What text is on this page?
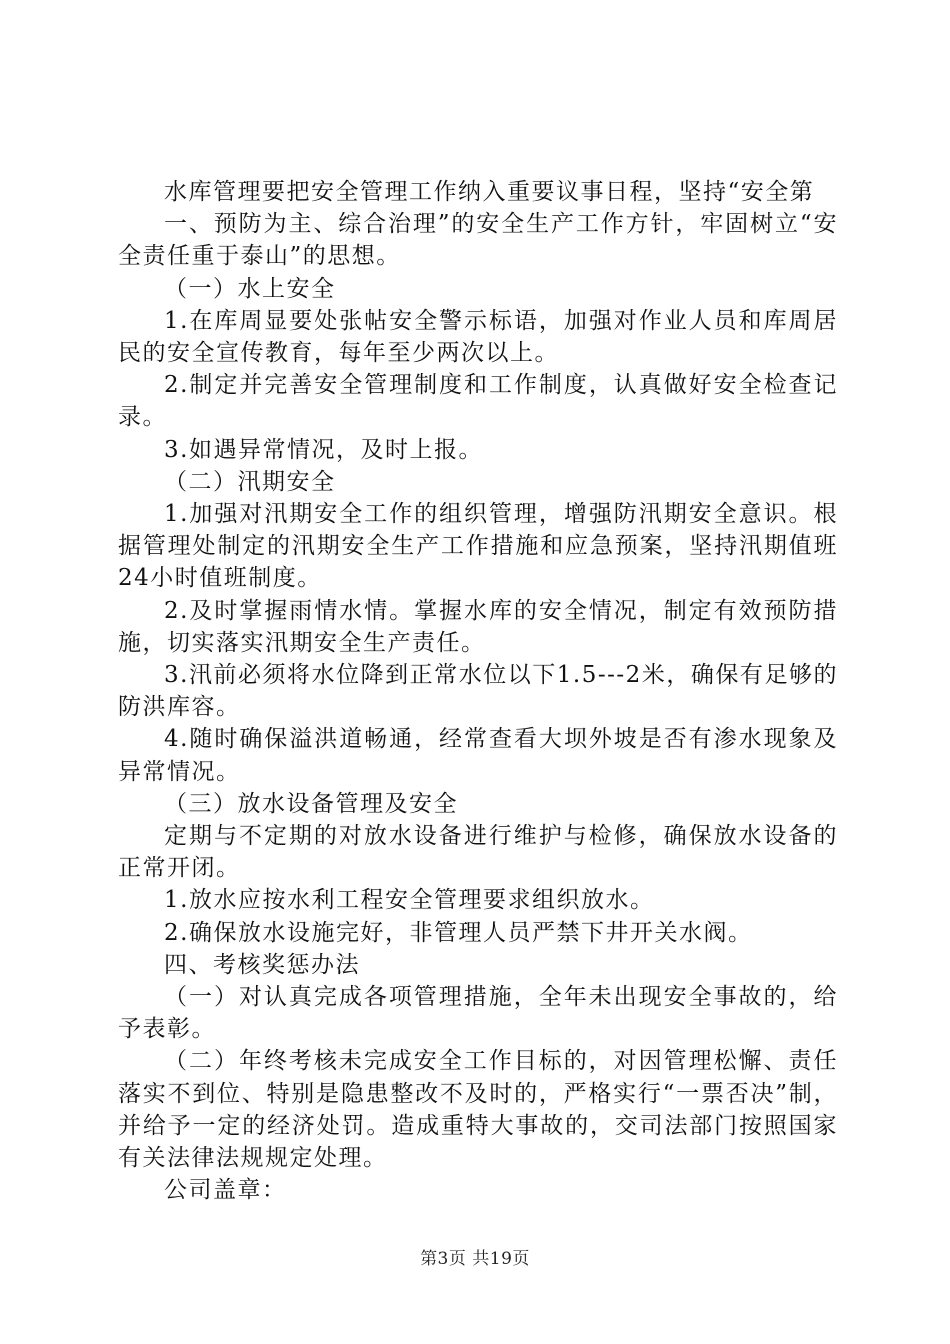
水库管理要把安全管理工作纳入重要议事日程，坚持“安全第

一、预防为主、综合治理”的安全生产工作方针，牢固树立“安全责任重于泰山”的思想。

（一）水上安全

1.在库周显要处张帖安全警示标语，加强对作业人员和库周居民的安全宣传教育，每年至少两次以上。

2.制定并完善安全管理制度和工作制度，认真做好安全检查记录。

3.如遇异常情况，及时上报。

（二）汛期安全

1.加强对汛期安全工作的组织管理，增强防汛期安全意识。根据管理处制定的汛期安全生产工作措施和应急预案，坚持汛期值班24小时值班制度。

2.及时掌握雨情水情。掌握水库的安全情况，制定有效预防措施，切实落实汛期安全生产责任。

3.汛前必须将水位降到正常水位以下1.5---2米，确保有足够的防洪库容。

4.随时确保溢洪道畅通，经常查看大坝外坡是否有渗水现象及异常情况。

（三）放水设备管理及安全

定期与不定期的对放水设备进行维护与检修，确保放水设备的正常开闭。

1.放水应按水利工程安全管理要求组织放水。

2.确保放水设施完好，非管理人员严禁下井开关水阀。

四、考核奖惩办法

（一）对认真完成各项管理措施，全年未出现安全事故的，给予表彰。

（二）年终考核未完成安全工作目标的，对因管理松懈、责任落实不到位、特别是隐患整改不及时的，严格实行“一票否决”制，并给予一定的经济处罚。造成重特大事故的，交司法部门按照国家有关法律法规规定处理。

公司盖章：

第3页 共19页
